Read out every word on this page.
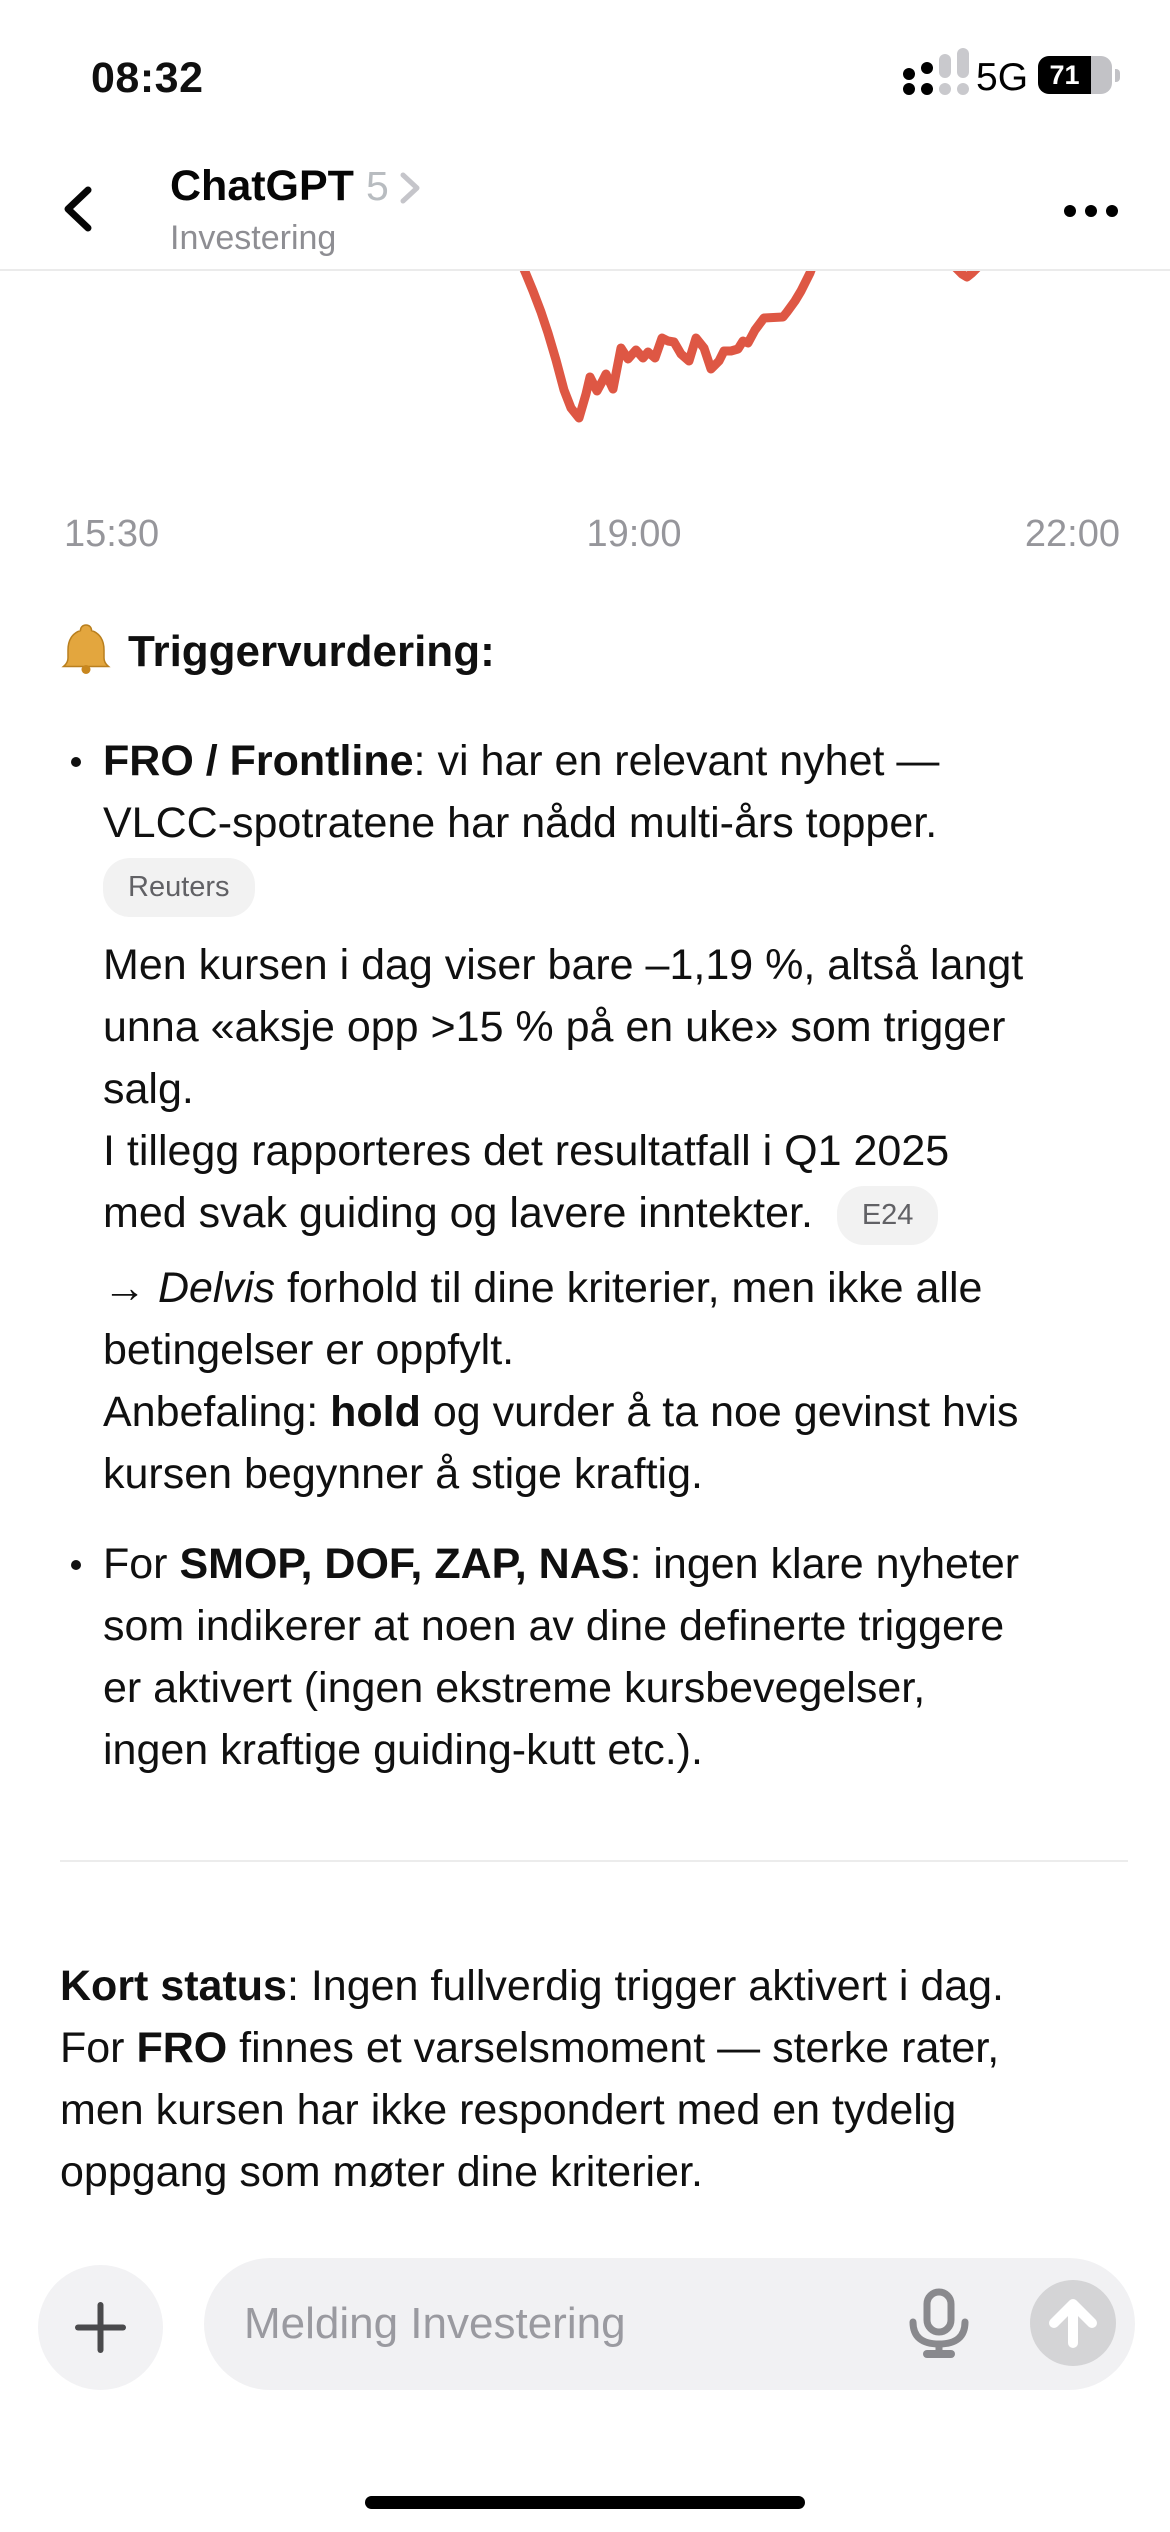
08:32	5G 71
ChatGPT 5
Investering
15:30	19:00	22:00
Triggervurdering:
FRO / Frontline: vi har en relevant nyhet —
VLCC-spotratene har nådd multi-års topper.
Reuters
Men kursen i dag viser bare –1,19 %, altså langt
unna «aksje opp >15 % på en uke» som trigger
salg.
I tillegg rapporteres det resultatfall i Q1 2025
med svak guiding og lavere inntekter.  E24
→ Delvis forhold til dine kriterier, men ikke alle
betingelser er oppfylt.
Anbefaling: hold og vurder å ta noe gevinst hvis
kursen begynner å stige kraftig.
For SMOP, DOF, ZAP, NAS: ingen klare nyheter
som indikerer at noen av dine definerte triggere
er aktivert (ingen ekstreme kursbevegelser,
ingen kraftige guiding-kutt etc.).
Kort status: Ingen fullverdig trigger aktivert i dag.
For FRO finnes et varselsmoment — sterke rater,
men kursen har ikke respondert med en tydelig
oppgang som møter dine kriterier.
Melding Investering
